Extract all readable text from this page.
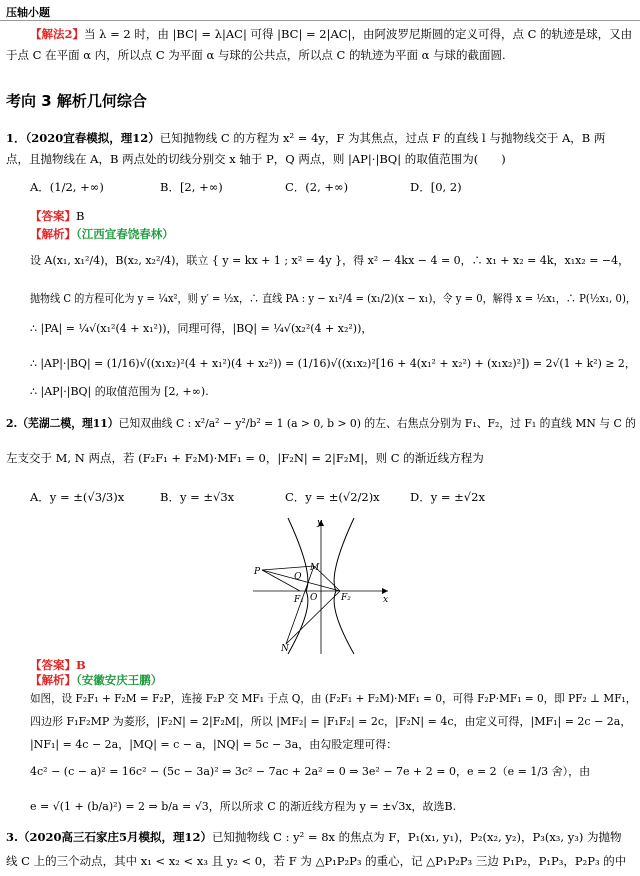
压轴小题
【解法2】当 λ = 2 时，由 |BC| = λ|AC| 可得 |BC| = 2|AC|，由阿波罗尼斯圆的定义可得，点 C 的轨迹是球，又由
于点 C 在平面 α 内，所以点 C 为平面 α 与球的公共点，所以点 C 的轨迹为平面 α 与球的截面圆.
考向 3 解析几何综合
1．（2020宜春模拟，理12）已知抛物线 C 的方程为 x² = 4y，F 为其焦点，过点 F 的直线 l 与抛物线交于 A，B 两
点，且抛物线在 A，B 两点处的切线分别交 x 轴于 P，Q 两点，则 |AP|·|BQ| 的取值范围为(　　)
A．(1/2, +∞)	B．[2, +∞)	C．(2, +∞)	D．[0, 2)
【答案】B
【解析】（江西宜春饶春林）
设 A(x₁, x₁²/4)，B(x₂, x₂²/4)，联立 { y = kx + 1 ; x² = 4y }，得 x² − 4kx − 4 = 0，∴ x₁ + x₂ = 4k，x₁x₂ = −4，
抛物线 C 的方程可化为 y = ¼x²，则 y′ = ½x，∴ 直线 PA : y − x₁²/4 = (x₁/2)(x − x₁)，令 y = 0，解得 x = ½x₁，∴ P(½x₁, 0)，
∴ |PA| = ¼√(x₁²(4 + x₁²))，同理可得，|BQ| = ¼√(x₂²(4 + x₂²))，
∴ |AP|·|BQ| = (1/16)√((x₁x₂)²(4 + x₁²)(4 + x₂²)) = (1/16)√((x₁x₂)²[16 + 4(x₁² + x₂²) + (x₁x₂)²]) = 2√(1 + k²) ≥ 2，
∴ |AP|·|BQ| 的取值范围为 [2, +∞).
2.（芜湖二模，理11）已知双曲线 C : x²/a² − y²/b² = 1 (a > 0, b > 0) 的左、右焦点分别为 F₁、F₂，过 F₁ 的直线 MN 与 C 的
左支交于 M, N 两点，若 (F₂F₁ + F₂M)·MF₁ = 0，|F₂N| = 2|F₂M|，则 C 的渐近线方程为
A．y = ±(√3/3)x	B．y = ±√3x	C．y = ±(√2/2)x	D．y = ±√2x
y
x
P	Q
M
O
F₁	F₂
N
【答案】B
【解析】（安徽安庆王鹏）
如图，设 F₂F₁ + F₂M = F₂P，连接 F₂P 交 MF₁ 于点 Q，由 (F₂F₁ + F₂M)·MF₁ = 0，可得 F₂P·MF₁ = 0，即 PF₂ ⊥ MF₁，
四边形 F₁F₂MP 为菱形，|F₂N| = 2|F₂M|，所以 |MF₂| = |F₁F₂| = 2c，|F₂N| = 4c，由定义可得，|MF₁| = 2c − 2a，
|NF₁| = 4c − 2a，|MQ| = c − a，|NQ| = 5c − 3a，由勾股定理可得：
4c² − (c − a)² = 16c² − (5c − 3a)² ⇒ 3c² − 7ac + 2a² = 0 ⇒ 3e² − 7e + 2 = 0，e = 2（e = 1/3 舍），由
e = √(1 + (b/a)²) = 2 ⇒ b/a = √3，所以所求 C 的渐近线方程为 y = ±√3x，故选B.
3.（2020高三石家庄5月模拟，理12）已知抛物线 C : y² = 8x 的焦点为 F，P₁(x₁, y₁)，P₂(x₂, y₂)，P₃(x₃, y₃) 为抛物
线 C 上的三个动点，其中 x₁ < x₂ < x₃ 且 y₂ < 0，若 F 为 △P₁P₂P₃ 的重心，记 △P₁P₂P₃ 三边 P₁P₂，P₁P₃，P₂P₃ 的中
